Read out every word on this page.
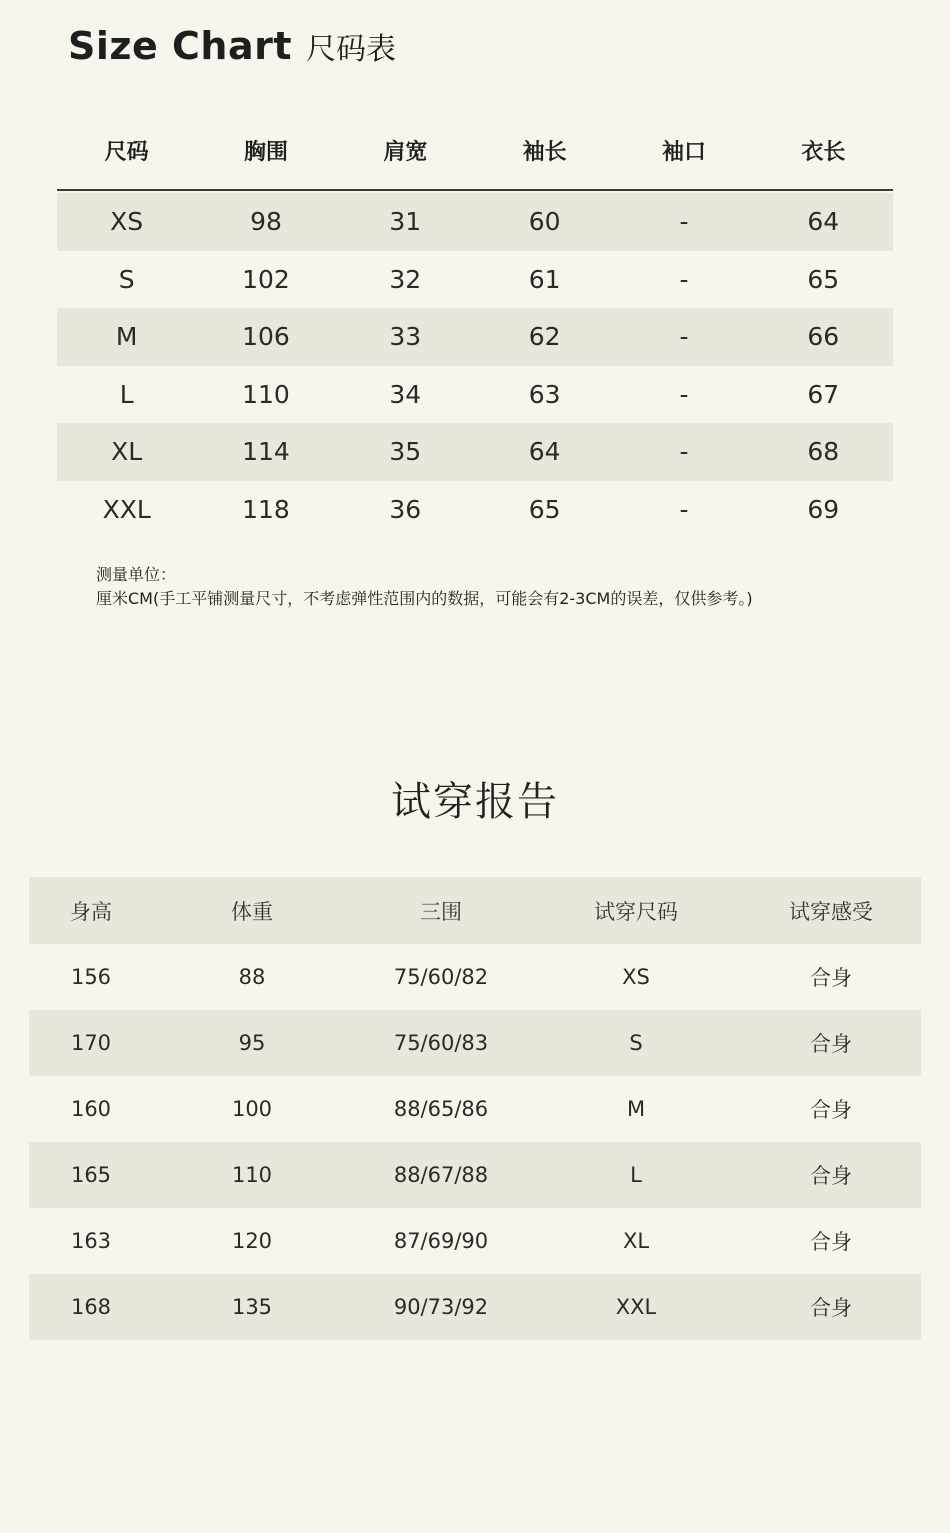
Size Chart 尺码表
尺码	胸围	肩宽	袖长	袖口	衣长
XS	98	31	60	-	64
S	102	32	61	-	65
M	106	33	62	-	66
L	110	34	63	-	67
XL	114	35	64	-	68
XXL	118	36	65	-	69
测量单位：
厘米CM(手工平铺测量尺寸，不考虑弹性范围内的数据，可能会有2-3CM的误差，仅供参考。)
试穿报告
身高	体重	三围	试穿尺码	试穿感受
156	88	75/60/82	XS	合身
170	95	75/60/83	S	合身
160	100	88/65/86	M	合身
165	110	88/67/88	L	合身
163	120	87/69/90	XL	合身
168	135	90/73/92	XXL	合身
